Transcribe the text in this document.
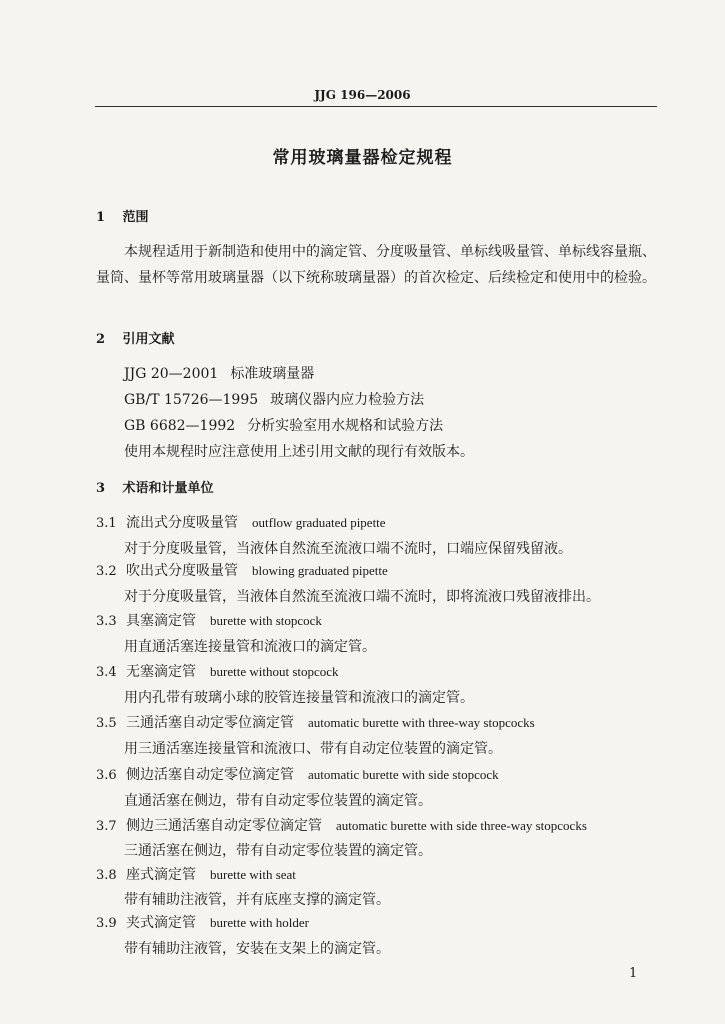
JJG 196—2006
常用玻璃量器检定规程
1 范围
本规程适用于新制造和使用中的滴定管、分度吸量管、单标线吸量管、单标线容量瓶、量筒、量杯等常用玻璃量器（以下统称玻璃量器）的首次检定、后续检定和使用中的检验。
2 引用文献
JJG 20—2001 标准玻璃量器
GB/T 15726—1995 玻璃仪器内应力检验方法
GB 6682—1992 分析实验室用水规格和试验方法
使用本规程时应注意使用上述引用文献的现行有效版本。
3 术语和计量单位
3.1 流出式分度吸量管 outflow graduated pipette
对于分度吸量管，当液体自然流至流液口端不流时，口端应保留残留液。
3.2 吹出式分度吸量管 blowing graduated pipette
对于分度吸量管，当液体自然流至流液口端不流时，即将流液口残留液排出。
3.3 具塞滴定管 burette with stopcock
用直通活塞连接量管和流液口的滴定管。
3.4 无塞滴定管 burette without stopcock
用内孔带有玻璃小球的胶管连接量管和流液口的滴定管。
3.5 三通活塞自动定零位滴定管 automatic burette with three-way stopcocks
用三通活塞连接量管和流液口、带有自动定位装置的滴定管。
3.6 侧边活塞自动定零位滴定管 automatic burette with side stopcock
直通活塞在侧边，带有自动定零位装置的滴定管。
3.7 侧边三通活塞自动定零位滴定管 automatic burette with side three-way stopcocks
三通活塞在侧边，带有自动定零位装置的滴定管。
3.8 座式滴定管 burette with seat
带有辅助注液管，并有底座支撑的滴定管。
3.9 夹式滴定管 burette with holder
带有辅助注液管，安装在支架上的滴定管。
1
